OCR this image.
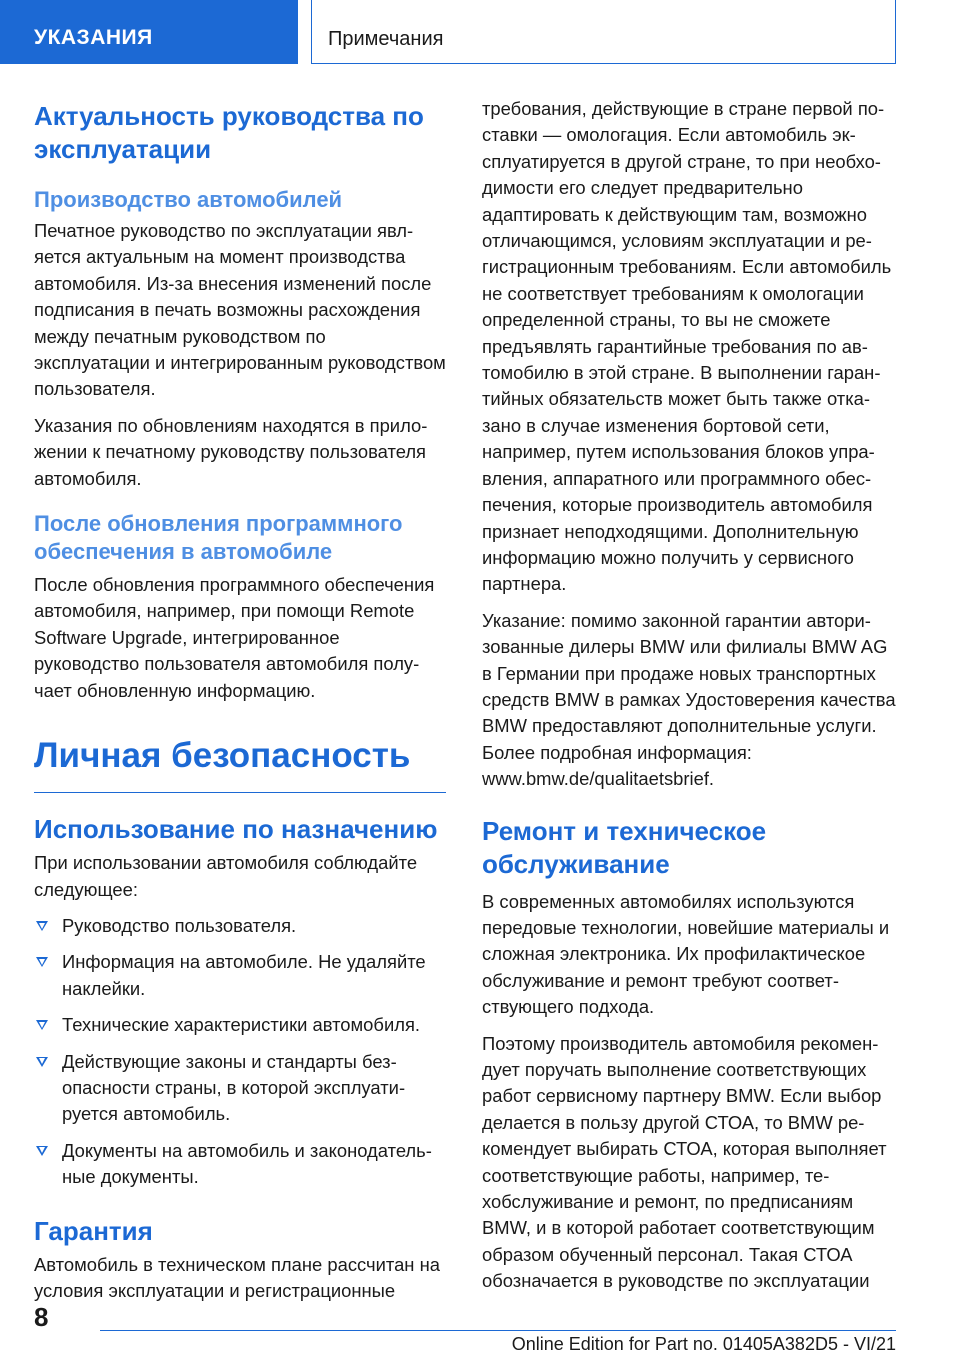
УКАЗАНИЯ	Примечания
Актуальность руководства по эксплуатации
Производство автомобилей

Печатное руководство по эксплуатации является актуальным на момент производства автомобиля. Из-за внесения изменений после подписания в печать возможны расхождения между печатным руководством по эксплуатации и интегрированным руководством пользователя.

Указания по обновлениям находятся в приложении к печатному руководству пользователя автомобиля.

После обновления программного обеспечения в автомобиле

После обновления программного обеспечения автомобиля, например, при помощи Remote Software Upgrade, интегрированное руководство пользователя автомобиля получает обновленную информацию.

Личная безопасность
Использование по назначению

При использовании автомобиля соблюдайте следующее:

Руководство пользователя.
Информация на автомобиле. Не удаляйте наклейки.
Технические характеристики автомобиля.
Действующие законы и стандарты безопасности страны, в которой эксплуатируется автомобиль.
Документы на автомобиль и законодательные документы.
Гарантия

Автомобиль в техническом плане рассчитан на условия эксплуатации и регистрационные

требования, действующие в стране первой поставки — омологация. Если автомобиль эксплуатируется в другой стране, то при необходимости его следует предварительно адаптировать к действующим там, возможно отличающимся, условиям эксплуатации и регистрационным требованиям. Если автомобиль не соответствует требованиям к омологации определенной страны, то вы не сможете предъявлять гарантийные требования по автомобилю в этой стране. В выполнении гарантийных обязательств может быть также отказано в случае изменения бортовой сети, например, путем использования блоков управления, аппаратного или программного обеспечения, которые производитель автомобиля признает неподходящими. Дополнительную информацию можно получить у сервисного партнера.

Указание: помимо законной гарантии авторизованные дилеры BMW или филиалы BMW AG в Германии при продаже новых транспортных средств BMW в рамках Удостоверения качества BMW предоставляют дополнительные услуги. Более подробная информация: www.bmw.de/qualitaetsbrief.

Ремонт и техническое обслуживание

В современных автомобилях используются передовые технологии, новейшие материалы и сложная электроника. Их профилактическое обслуживание и ремонт требуют соответствующего подхода.

Поэтому производитель автомобиля рекомендует поручать выполнение соответствующих работ сервисному партнеру BMW. Если выбор делается в пользу другой СТОА, то BMW рекомендует выбирать СТОА, которая выполняет соответствующие работы, например, техобслуживание и ремонт, по предписаниям BMW, и в которой работает соответствующим образом обученный персонал. Такая СТОА обозначается в руководстве по эксплуатации

8
Online Edition for Part no. 01405A382D5 - VI/21
